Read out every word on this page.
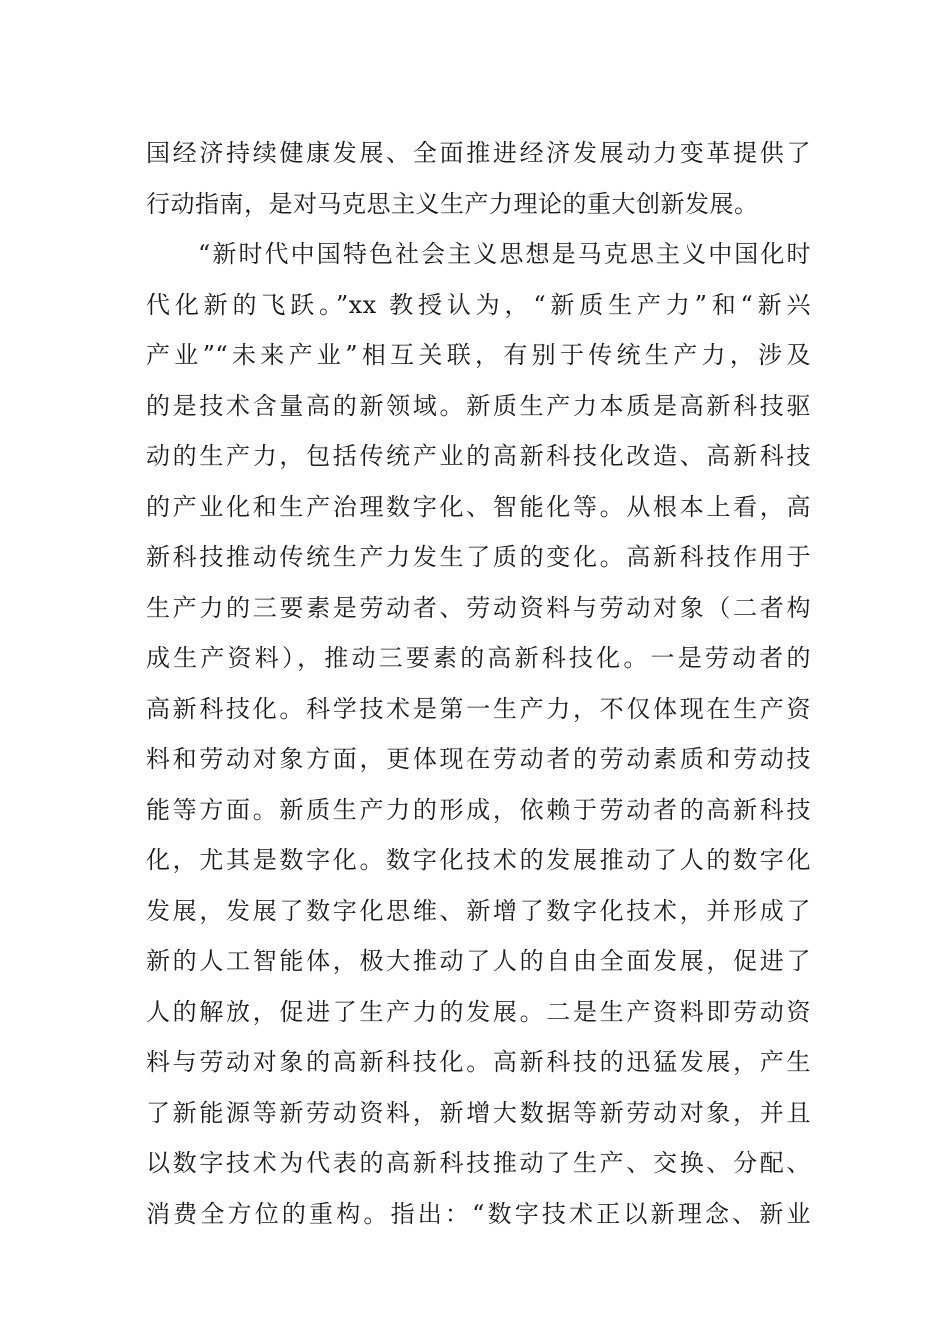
国经济持续健康发展、全面推进经济发展动力变革提供了
行动指南，是对马克思主义生产力理论的重大创新发展。
“新时代中国特色社会主义思想是马克思主义中国化时
代化新的飞跃。”xx 教授认为，“新质生产力”和“新兴
产业”“未来产业”相互关联，有别于传统生产力，涉及
的是技术含量高的新领域。新质生产力本质是高新科技驱
动的生产力，包括传统产业的高新科技化改造、高新科技
的产业化和生产治理数字化、智能化等。从根本上看，高
新科技推动传统生产力发生了质的变化。高新科技作用于
生产力的三要素是劳动者、劳动资料与劳动对象（二者构
成生产资料），推动三要素的高新科技化。一是劳动者的
高新科技化。科学技术是第一生产力，不仅体现在生产资
料和劳动对象方面，更体现在劳动者的劳动素质和劳动技
能等方面。新质生产力的形成，依赖于劳动者的高新科技
化，尤其是数字化。数字化技术的发展推动了人的数字化
发展，发展了数字化思维、新增了数字化技术，并形成了
新的人工智能体，极大推动了人的自由全面发展，促进了
人的解放，促进了生产力的发展。二是生产资料即劳动资
料与劳动对象的高新科技化。高新科技的迅猛发展，产生
了新能源等新劳动资料，新增大数据等新劳动对象，并且
以数字技术为代表的高新科技推动了生产、交换、分配、
消费全方位的重构。指出：“数字技术正以新理念、新业
